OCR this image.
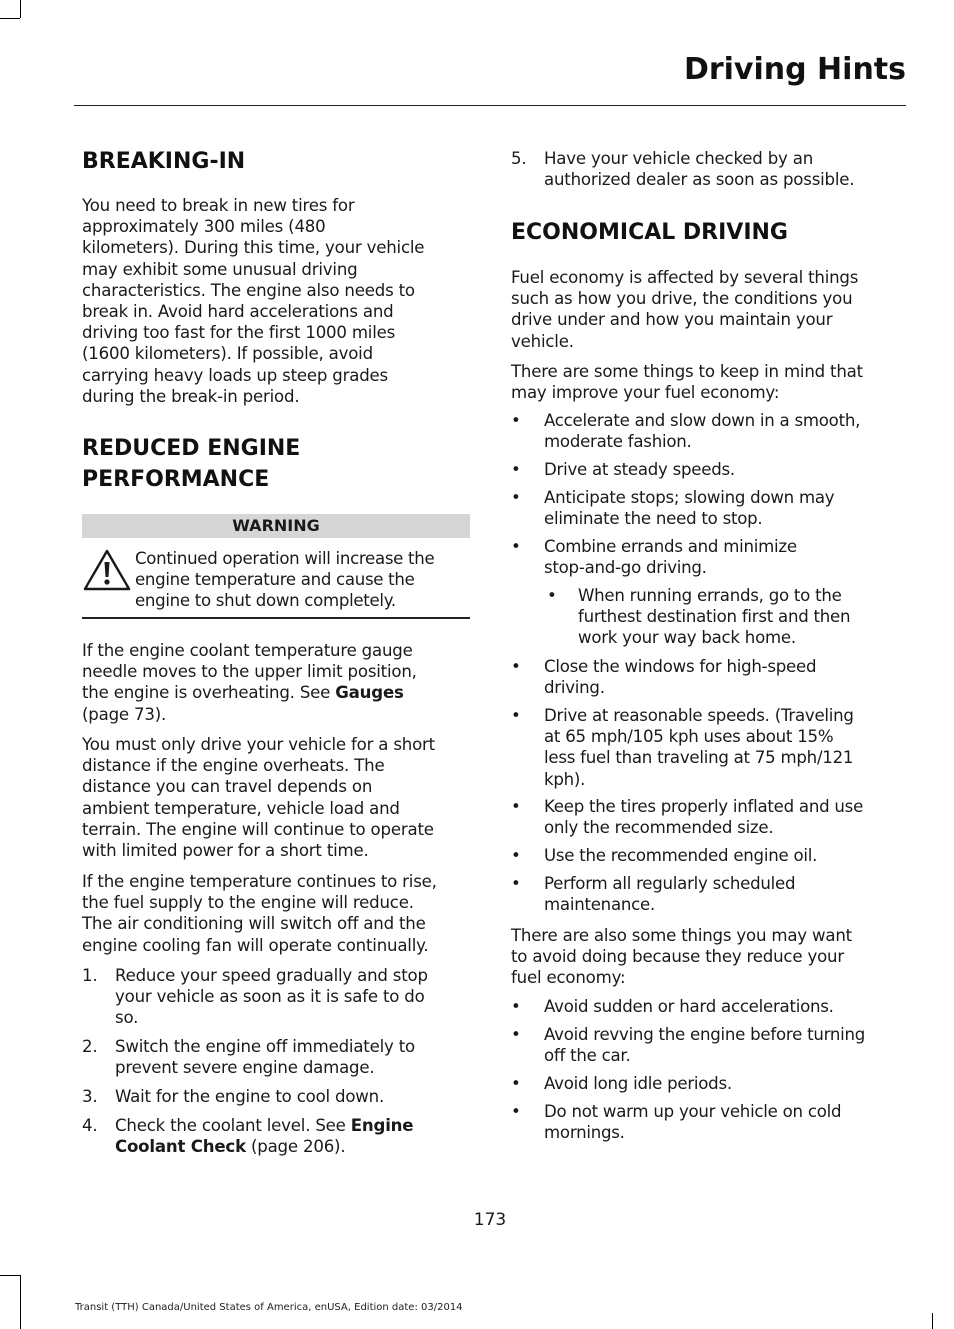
Driving Hints
BREAKING-IN

You need to break in new tires for
approximately 300 miles (480
kilometers). During this time, your vehicle
may exhibit some unusual driving
characteristics. The engine also needs to
break in. Avoid hard accelerations and
driving too fast for the first 1000 miles
(1600 kilometers). If possible, avoid
carrying heavy loads up steep grades
during the break-in period.

REDUCED ENGINE
PERFORMANCE
WARNING
Continued operation will increase the
engine temperature and cause the
engine to shut down completely.

If the engine coolant temperature gauge
needle moves to the upper limit position,
the engine is overheating. See Gauges
(page 73).

You must only drive your vehicle for a short
distance if the engine overheats. The
distance you can travel depends on
ambient temperature, vehicle load and
terrain. The engine will continue to operate
with limited power for a short time.

If the engine temperature continues to rise,
the fuel supply to the engine will reduce.
The air conditioning will switch off and the
engine cooling fan will operate continually.

1. Reduce your speed gradually and stop
your vehicle as soon as it is safe to do
so.
2. Switch the engine off immediately to
prevent severe engine damage.
3. Wait for the engine to cool down.
4. Check the coolant level. See Engine
Coolant Check (page 206).
5. Have your vehicle checked by an
authorized dealer as soon as possible.
ECONOMICAL DRIVING

Fuel economy is affected by several things
such as how you drive, the conditions you
drive under and how you maintain your
vehicle.

There are some things to keep in mind that
may improve your fuel economy:

• Accelerate and slow down in a smooth,
moderate fashion.
• Drive at steady speeds.
• Anticipate stops; slowing down may
eliminate the need to stop.
• Combine errands and minimize
stop-and-go driving.
• When running errands, go to the
furthest destination first and then
work your way back home.
• Close the windows for high-speed
driving.
• Drive at reasonable speeds. (Traveling
at 65 mph/105 kph uses about 15%
less fuel than traveling at 75 mph/121
kph).
• Keep the tires properly inflated and use
only the recommended size.
• Use the recommended engine oil.
• Perform all regularly scheduled
maintenance.

There are also some things you may want
to avoid doing because they reduce your
fuel economy:

• Avoid sudden or hard accelerations.
• Avoid revving the engine before turning
off the car.
• Avoid long idle periods.
• Do not warm up your vehicle on cold
mornings.
173
Transit (TTH) Canada/United States of America, enUSA, Edition date: 03/2014
